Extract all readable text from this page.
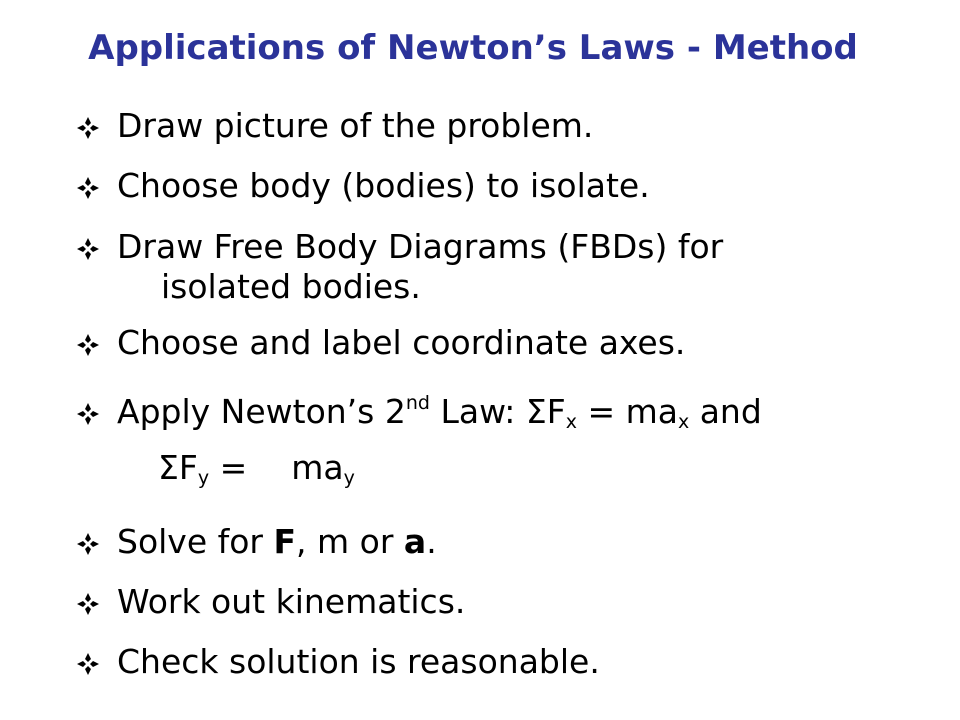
Applications of Newton’s Laws - Method
Draw picture of the problem.
Choose body (bodies) to isolate.
Draw Free Body Diagrams (FBDs) for
isolated bodies.
Choose and label coordinate axes.
Apply Newton’s 2nd Law: $\Sigma F_x = ma_x$ and
$\Sigma F_y = ma_y$
Solve for F, m or a.
Work out kinematics.
Check solution is reasonable.
